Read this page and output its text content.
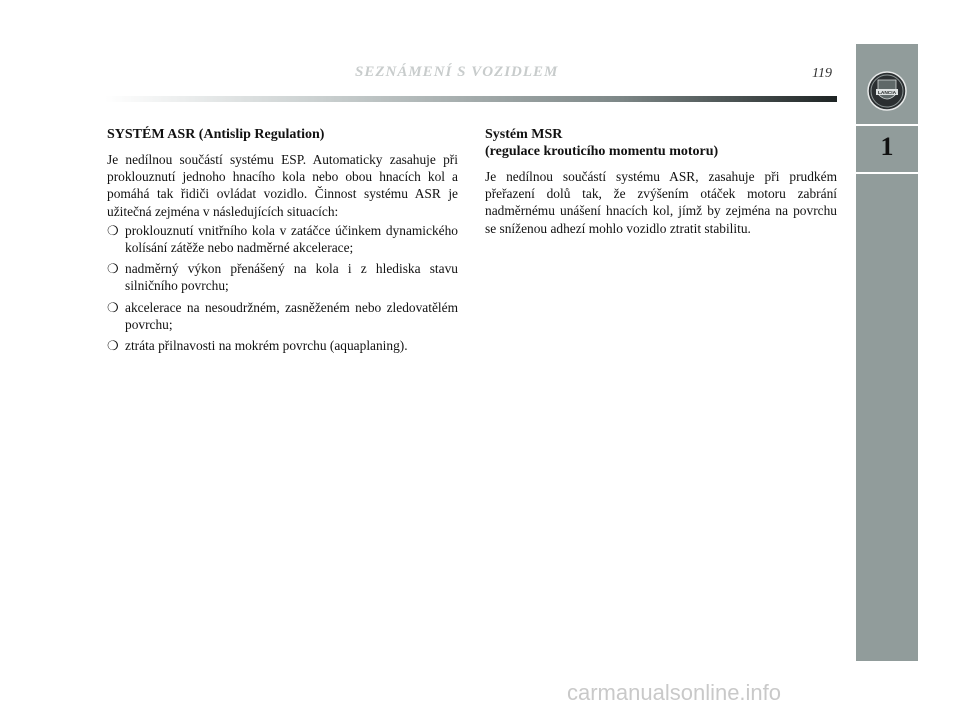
SEZNÁMENÍ S VOZIDLEM	119
LANCIA
1
SYSTÉM ASR (Antislip Regulation)

Je nedílnou součástí systému ESP. Automaticky zasahuje při proklouznutí jednoho hnacího kola nebo obou hnacích kol a pomáhá tak řidiči ovládat vozidlo. Činnost systému ASR je užitečná zejména v následujících situacích:

❍ proklouznutí vnitřního kola v zatáčce účinkem dynamického kolísání zátěže nebo nadměrné akcelerace;
❍ nadměrný výkon přenášený na kola i z hlediska stavu silničního povrchu;
❍ akcelerace na nesoudržném, zasněženém nebo zledovatělém povrchu;
❍ ztráta přilnavosti na mokrém povrchu (aquaplaning).
Systém MSR
(regulace krouticího momentu motoru)

Je nedílnou součástí systému ASR, zasahuje při prudkém přeřazení dolů tak, že zvýšením otáček motoru zabrání nadměrnému unášení hnacích kol, jímž by zejména na povrchu se sníženou adhezí mohlo vozidlo ztratit stabilitu.

carmanualsonline.info
